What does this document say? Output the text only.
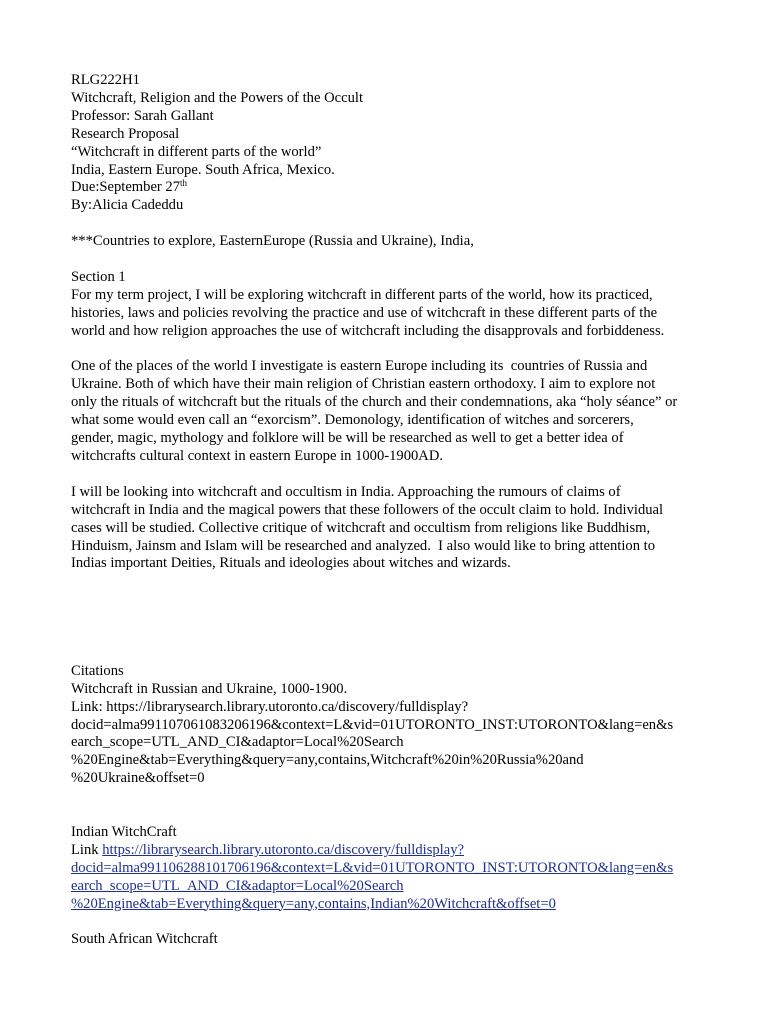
RLG222H1
Witchcraft, Religion and the Powers of the Occult
Professor: Sarah Gallant
Research Proposal
“Witchcraft in different parts of the world”
India, Eastern Europe. South Africa, Mexico.
Due:September 27th
By:Alicia Cadeddu
***Countries to explore, EasternEurope (Russia and Ukraine), India,
Section 1
For my term project, I will be exploring witchcraft in different parts of the world, how its practiced,
histories, laws and policies revolving the practice and use of witchcraft in these different parts of the
world and how religion approaches the use of witchcraft including the disapprovals and forbiddeness.
One of the places of the world I investigate is eastern Europe including its  countries of Russia and
Ukraine. Both of which have their main religion of Christian eastern orthodoxy. I aim to explore not
only the rituals of witchcraft but the rituals of the church and their condemnations, aka “holy séance” or
what some would even call an “exorcism”. Demonology, identification of witches and sorcerers,
gender, magic, mythology and folklore will be will be researched as well to get a better idea of
witchcrafts cultural context in eastern Europe in 1000-1900AD.
I will be looking into witchcraft and occultism in India. Approaching the rumours of claims of
witchcraft in India and the magical powers that these followers of the occult claim to hold. Individual
cases will be studied. Collective critique of witchcraft and occultism from religions like Buddhism,
Hinduism, Jainsm and Islam will be researched and analyzed.  I also would like to bring attention to
Indias important Deities, Rituals and ideologies about witches and wizards.
Citations
Witchcraft in Russian and Ukraine, 1000-1900.
Link: https://librarysearch.library.utoronto.ca/discovery/fulldisplay?
docid=alma991107061083206196&context=L&vid=01UTORONTO_INST:UTORONTO&lang=en&s
earch_scope=UTL_AND_CI&adaptor=Local%20Search
%20Engine&tab=Everything&query=any,contains,Witchcraft%20in%20Russia%20and
%20Ukraine&offset=0
Indian WitchCraft
Link https://librarysearch.library.utoronto.ca/discovery/fulldisplay?
docid=alma991106288101706196&context=L&vid=01UTORONTO_INST:UTORONTO&lang=en&s
earch_scope=UTL_AND_CI&adaptor=Local%20Search
%20Engine&tab=Everything&query=any,contains,Indian%20Witchcraft&offset=0
South African Witchcraft
